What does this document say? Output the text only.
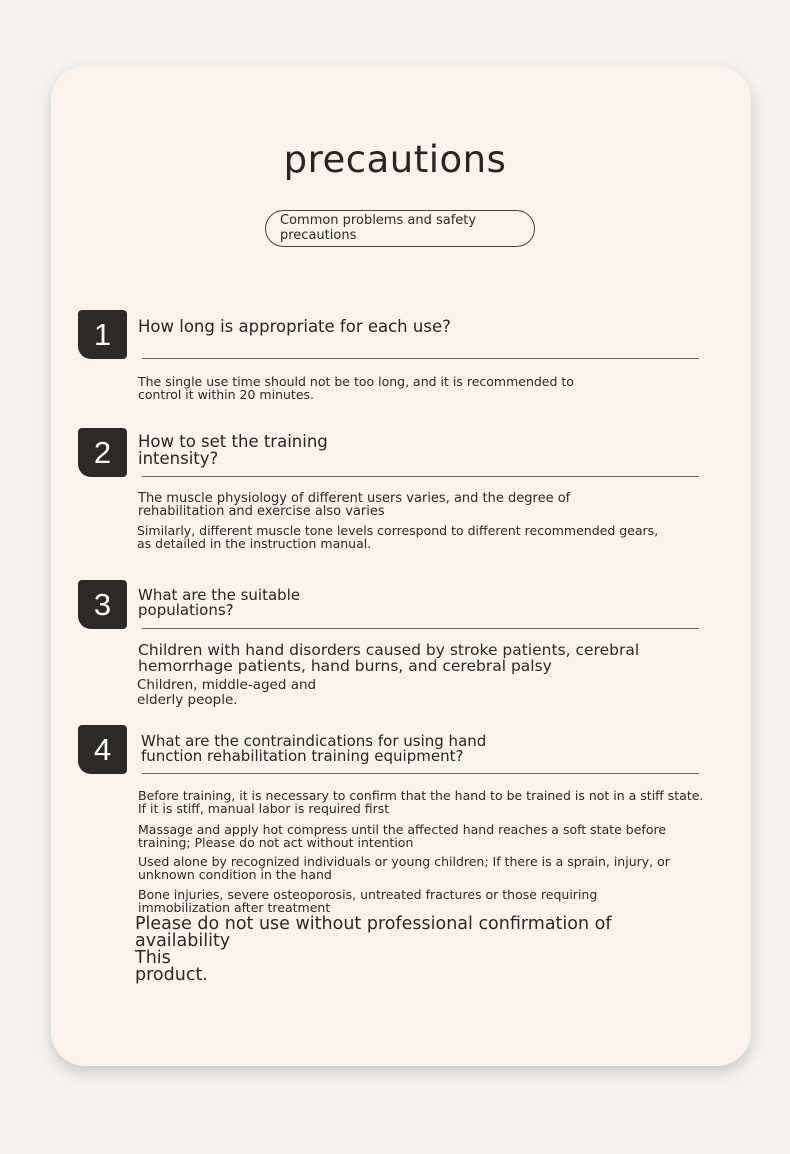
precautions
Common problems and safety precautions
1	How long is appropriate for each use?
The single use time should not be too long, and it is recommended to control it within 20 minutes.
2	How to set the training intensity?
The muscle physiology of different users varies, and the degree of rehabilitation and exercise also varies
Similarly, different muscle tone levels correspond to different recommended gears, as detailed in the instruction manual.
3	What are the suitable populations?
Children with hand disorders caused by stroke patients, cerebral hemorrhage patients, hand burns, and cerebral palsy
Children, middle-aged and elderly people.
4	What are the contraindications for using hand function rehabilitation training equipment?
Before training, it is necessary to confirm that the hand to be trained is not in a stiff state. If it is stiff, manual labor is required first
Massage and apply hot compress until the affected hand reaches a soft state before training; Please do not act without intention
Used alone by recognized individuals or young children; If there is a sprain, injury, or unknown condition in the hand
Bone injuries, severe osteoporosis, untreated fractures or those requiring immobilization after treatment
Please do not use without professional confirmation of availability
This
product.
